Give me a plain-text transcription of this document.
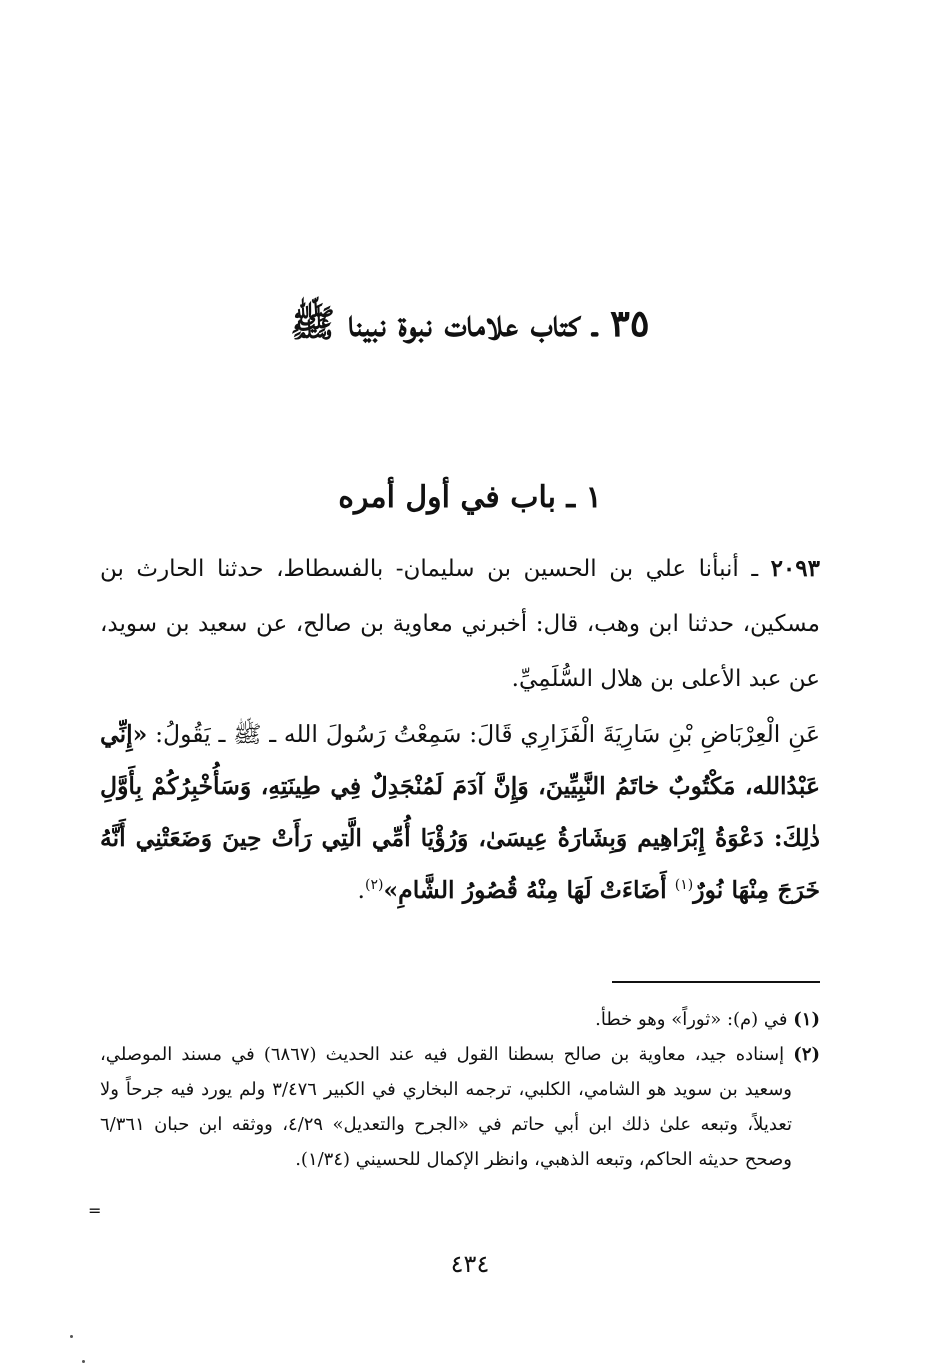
٣٥ ـ كتاب علامات نبوة نبينا ﷺ
١ ـ باب في أول أمره

٢٠٩٣ ـ أنبأنا علي بن الحسين بن سليمان- بالفسطاط، حدثنا الحارث بن مسكين، حدثنا ابن وهب، قال: أخبرني معاوية بن صالح، عن سعيد بن سويد، عن عبد الأعلى بن هلال السُّلَمِيِّ.

عَنِ الْعِرْبَاضِ بْنِ سَارِيَةَ الْفَزَارِي قَالَ: سَمِعْتُ رَسُولَ الله ـ ﷺ ـ يَقُولُ: «إِنِّي عَبْدُالله، مَكْتُوبٌ خاتَمُ النَّبِيِّينَ، وَإِنَّ آدَمَ لَمُنْجَدِلٌ فِي طِينَتِهِ، وَسَأُخْبِرُكُمْ بِأَوَّلِ ذٰلِكَ: دَعْوَةُ إِبْرَاهِيم وَبِشَارَةُ عِيسَىٰ، وَرُؤْيَا أُمِّي الَّتِي رَأَتْ حِينَ وَضَعَتْنِي أَنَّهُ خَرَجَ مِنْهَا نُورٌ$^{(١)}$ أَضَاءَتْ لَهَا مِنْهُ قُصُورُ الشَّامِ»$^{(٢)}$.

(١) في (م): «ثوراً» وهو خطأ.

(٢) إسناده جيد، معاوية بن صالح بسطنا القول فيه عند الحديث (٦٨٦٧) في مسند الموصلي، وسعيد بن سويد هو الشامي، الكلبي، ترجمه البخاري في الكبير ٣/٤٧٦ ولم يورد فيه جرحاً ولا تعديلاً، وتبعه علىٰ ذلك ابن أبي حاتم في «الجرح والتعديل» ٤/٢٩، ووثقه ابن حبان ٦/٣٦١ وصحح حديثه الحاكم، وتبعه الذهبي، وانظر الإكمال للحسيني (١/٣٤).

=
٤٣٤
